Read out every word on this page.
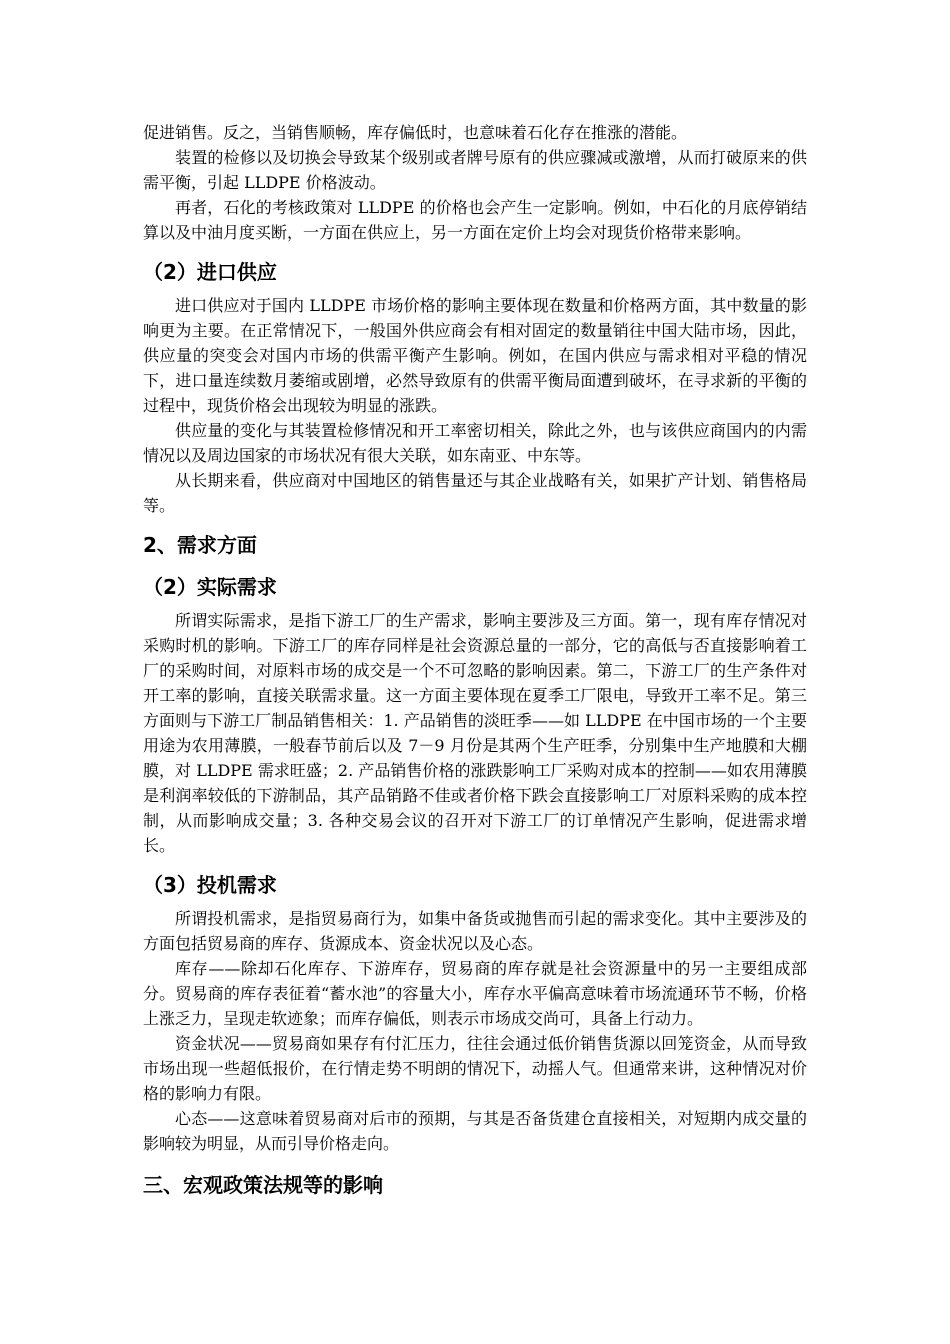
促进销售。反之，当销售顺畅，库存偏低时，也意味着石化存在推涨的潜能。

装置的检修以及切换会导致某个级别或者牌号原有的供应骤减或激增，从而打破原来的供需平衡，引起 LLDPE 价格波动。

再者，石化的考核政策对 LLDPE 的价格也会产生一定影响。例如，中石化的月底停销结算以及中油月度买断，一方面在供应上，另一方面在定价上均会对现货价格带来影响。

（2）进口供应

进口供应对于国内 LLDPE 市场价格的影响主要体现在数量和价格两方面，其中数量的影响更为主要。在正常情况下，一般国外供应商会有相对固定的数量销往中国大陆市场，因此，供应量的突变会对国内市场的供需平衡产生影响。例如，在国内供应与需求相对平稳的情况下，进口量连续数月萎缩或剧增，必然导致原有的供需平衡局面遭到破坏，在寻求新的平衡的过程中，现货价格会出现较为明显的涨跌。

供应量的变化与其装置检修情况和开工率密切相关，除此之外，也与该供应商国内的内需情况以及周边国家的市场状况有很大关联，如东南亚、中东等。

从长期来看，供应商对中国地区的销售量还与其企业战略有关，如果扩产计划、销售格局等。

2、需求方面
（2）实际需求

所谓实际需求，是指下游工厂的生产需求，影响主要涉及三方面。第一，现有库存情况对采购时机的影响。下游工厂的库存同样是社会资源总量的一部分，它的高低与否直接影响着工厂的采购时间，对原料市场的成交是一个不可忽略的影响因素。第二，下游工厂的生产条件对开工率的影响，直接关联需求量。这一方面主要体现在夏季工厂限电，导致开工率不足。第三方面则与下游工厂制品销售相关：1. 产品销售的淡旺季——如 LLDPE 在中国市场的一个主要用途为农用薄膜，一般春节前后以及 7－9 月份是其两个生产旺季，分别集中生产地膜和大棚膜，对 LLDPE 需求旺盛；2. 产品销售价格的涨跌影响工厂采购对成本的控制——如农用薄膜是利润率较低的下游制品，其产品销路不佳或者价格下跌会直接影响工厂对原料采购的成本控制，从而影响成交量；3. 各种交易会议的召开对下游工厂的订单情况产生影响，促进需求增长。

（3）投机需求

所谓投机需求，是指贸易商行为，如集中备货或抛售而引起的需求变化。其中主要涉及的方面包括贸易商的库存、货源成本、资金状况以及心态。

库存——除却石化库存、下游库存，贸易商的库存就是社会资源量中的另一主要组成部分。贸易商的库存表征着“蓄水池”的容量大小，库存水平偏高意味着市场流通环节不畅，价格上涨乏力，呈现走软迹象；而库存偏低，则表示市场成交尚可，具备上行动力。

资金状况——贸易商如果存有付汇压力，往往会通过低价销售货源以回笼资金，从而导致市场出现一些超低报价，在行情走势不明朗的情况下，动摇人气。但通常来讲，这种情况对价格的影响力有限。

心态——这意味着贸易商对后市的预期，与其是否备货建仓直接相关，对短期内成交量的影响较为明显，从而引导价格走向。

三、宏观政策法规等的影响
